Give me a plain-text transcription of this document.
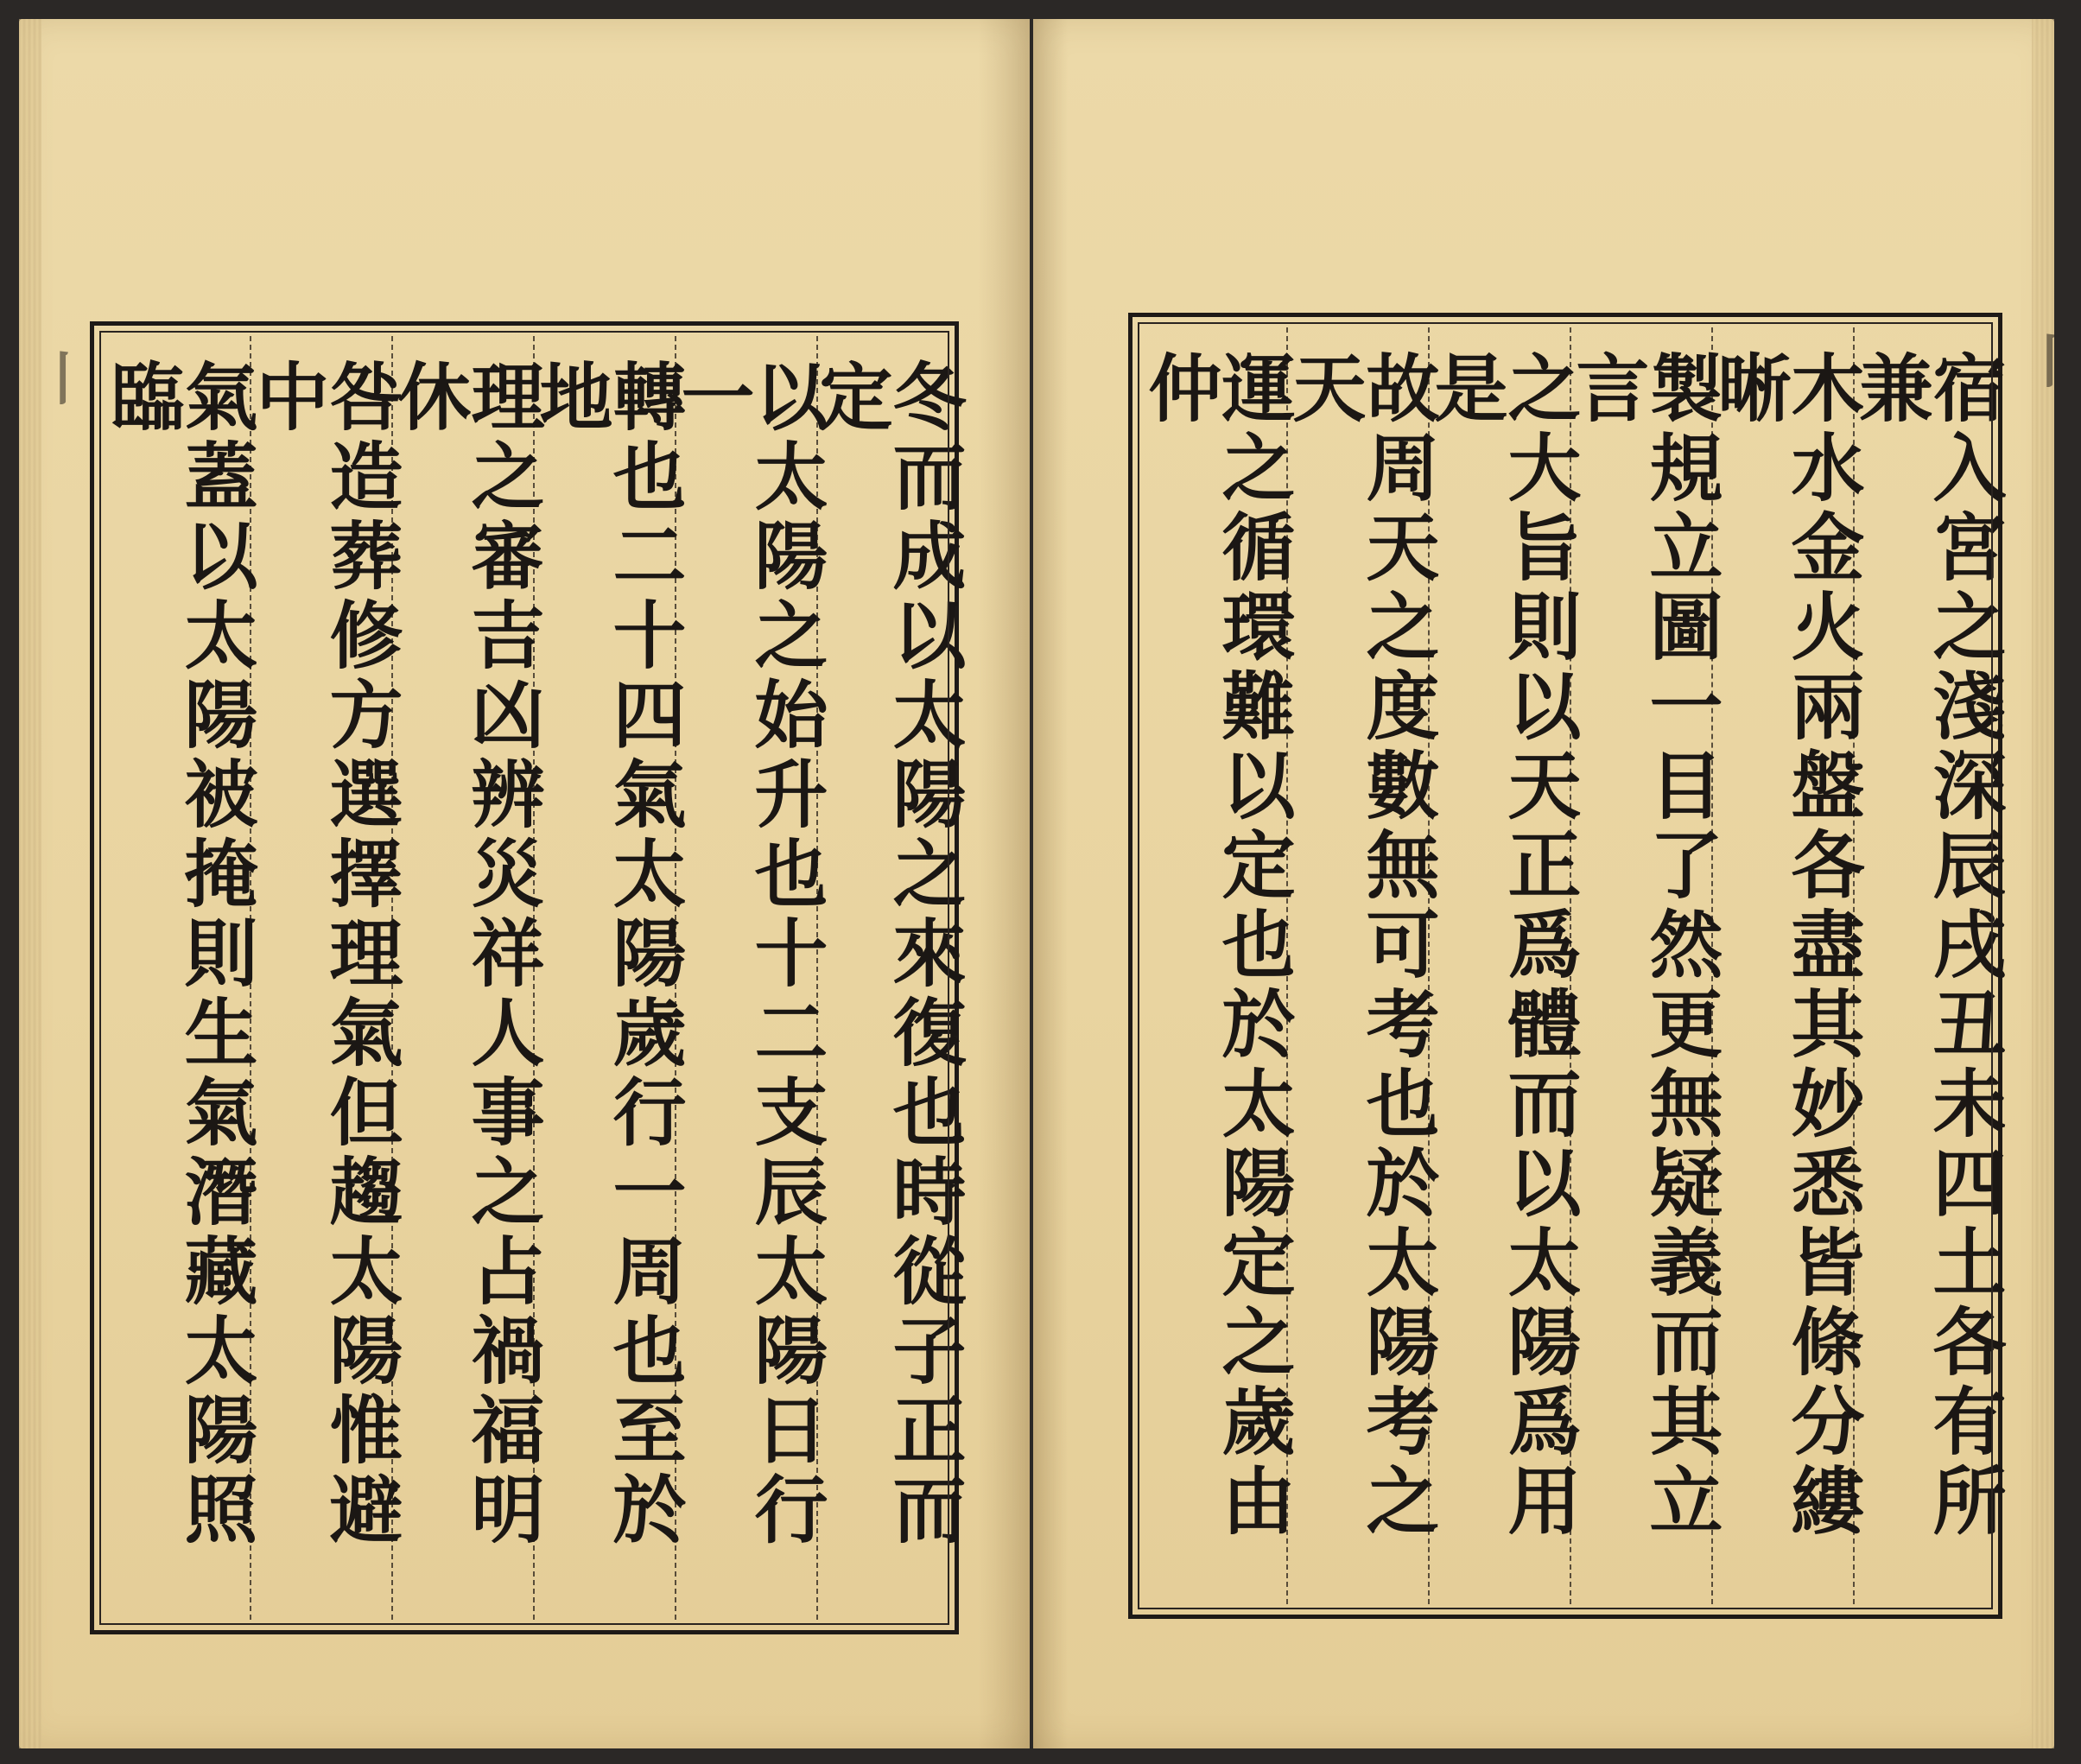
〡	冬而成以太陽之來復也時從子正而定
以太陽之始升也十二支辰太陽日行一
轉也二十四氣太陽歲行一周也至於地
理之審吉凶辨災祥人事之占禍福明休
咎造葬修方選擇理氣但趨太陽惟避中
氣蓋以太陽被掩則生氣潛藏太陽照臨	〡
宿入宮之淺深辰戌丑未四土各有所兼
木水金火兩盤各盡其妙悉皆條分縷晰
製規立圖一目了然更無疑義而其立言
之大旨則以天正爲體而以太陽爲用是
故周天之度數無可考也於太陽考之天
運之循環難以定也於太陽定之歲由仲
